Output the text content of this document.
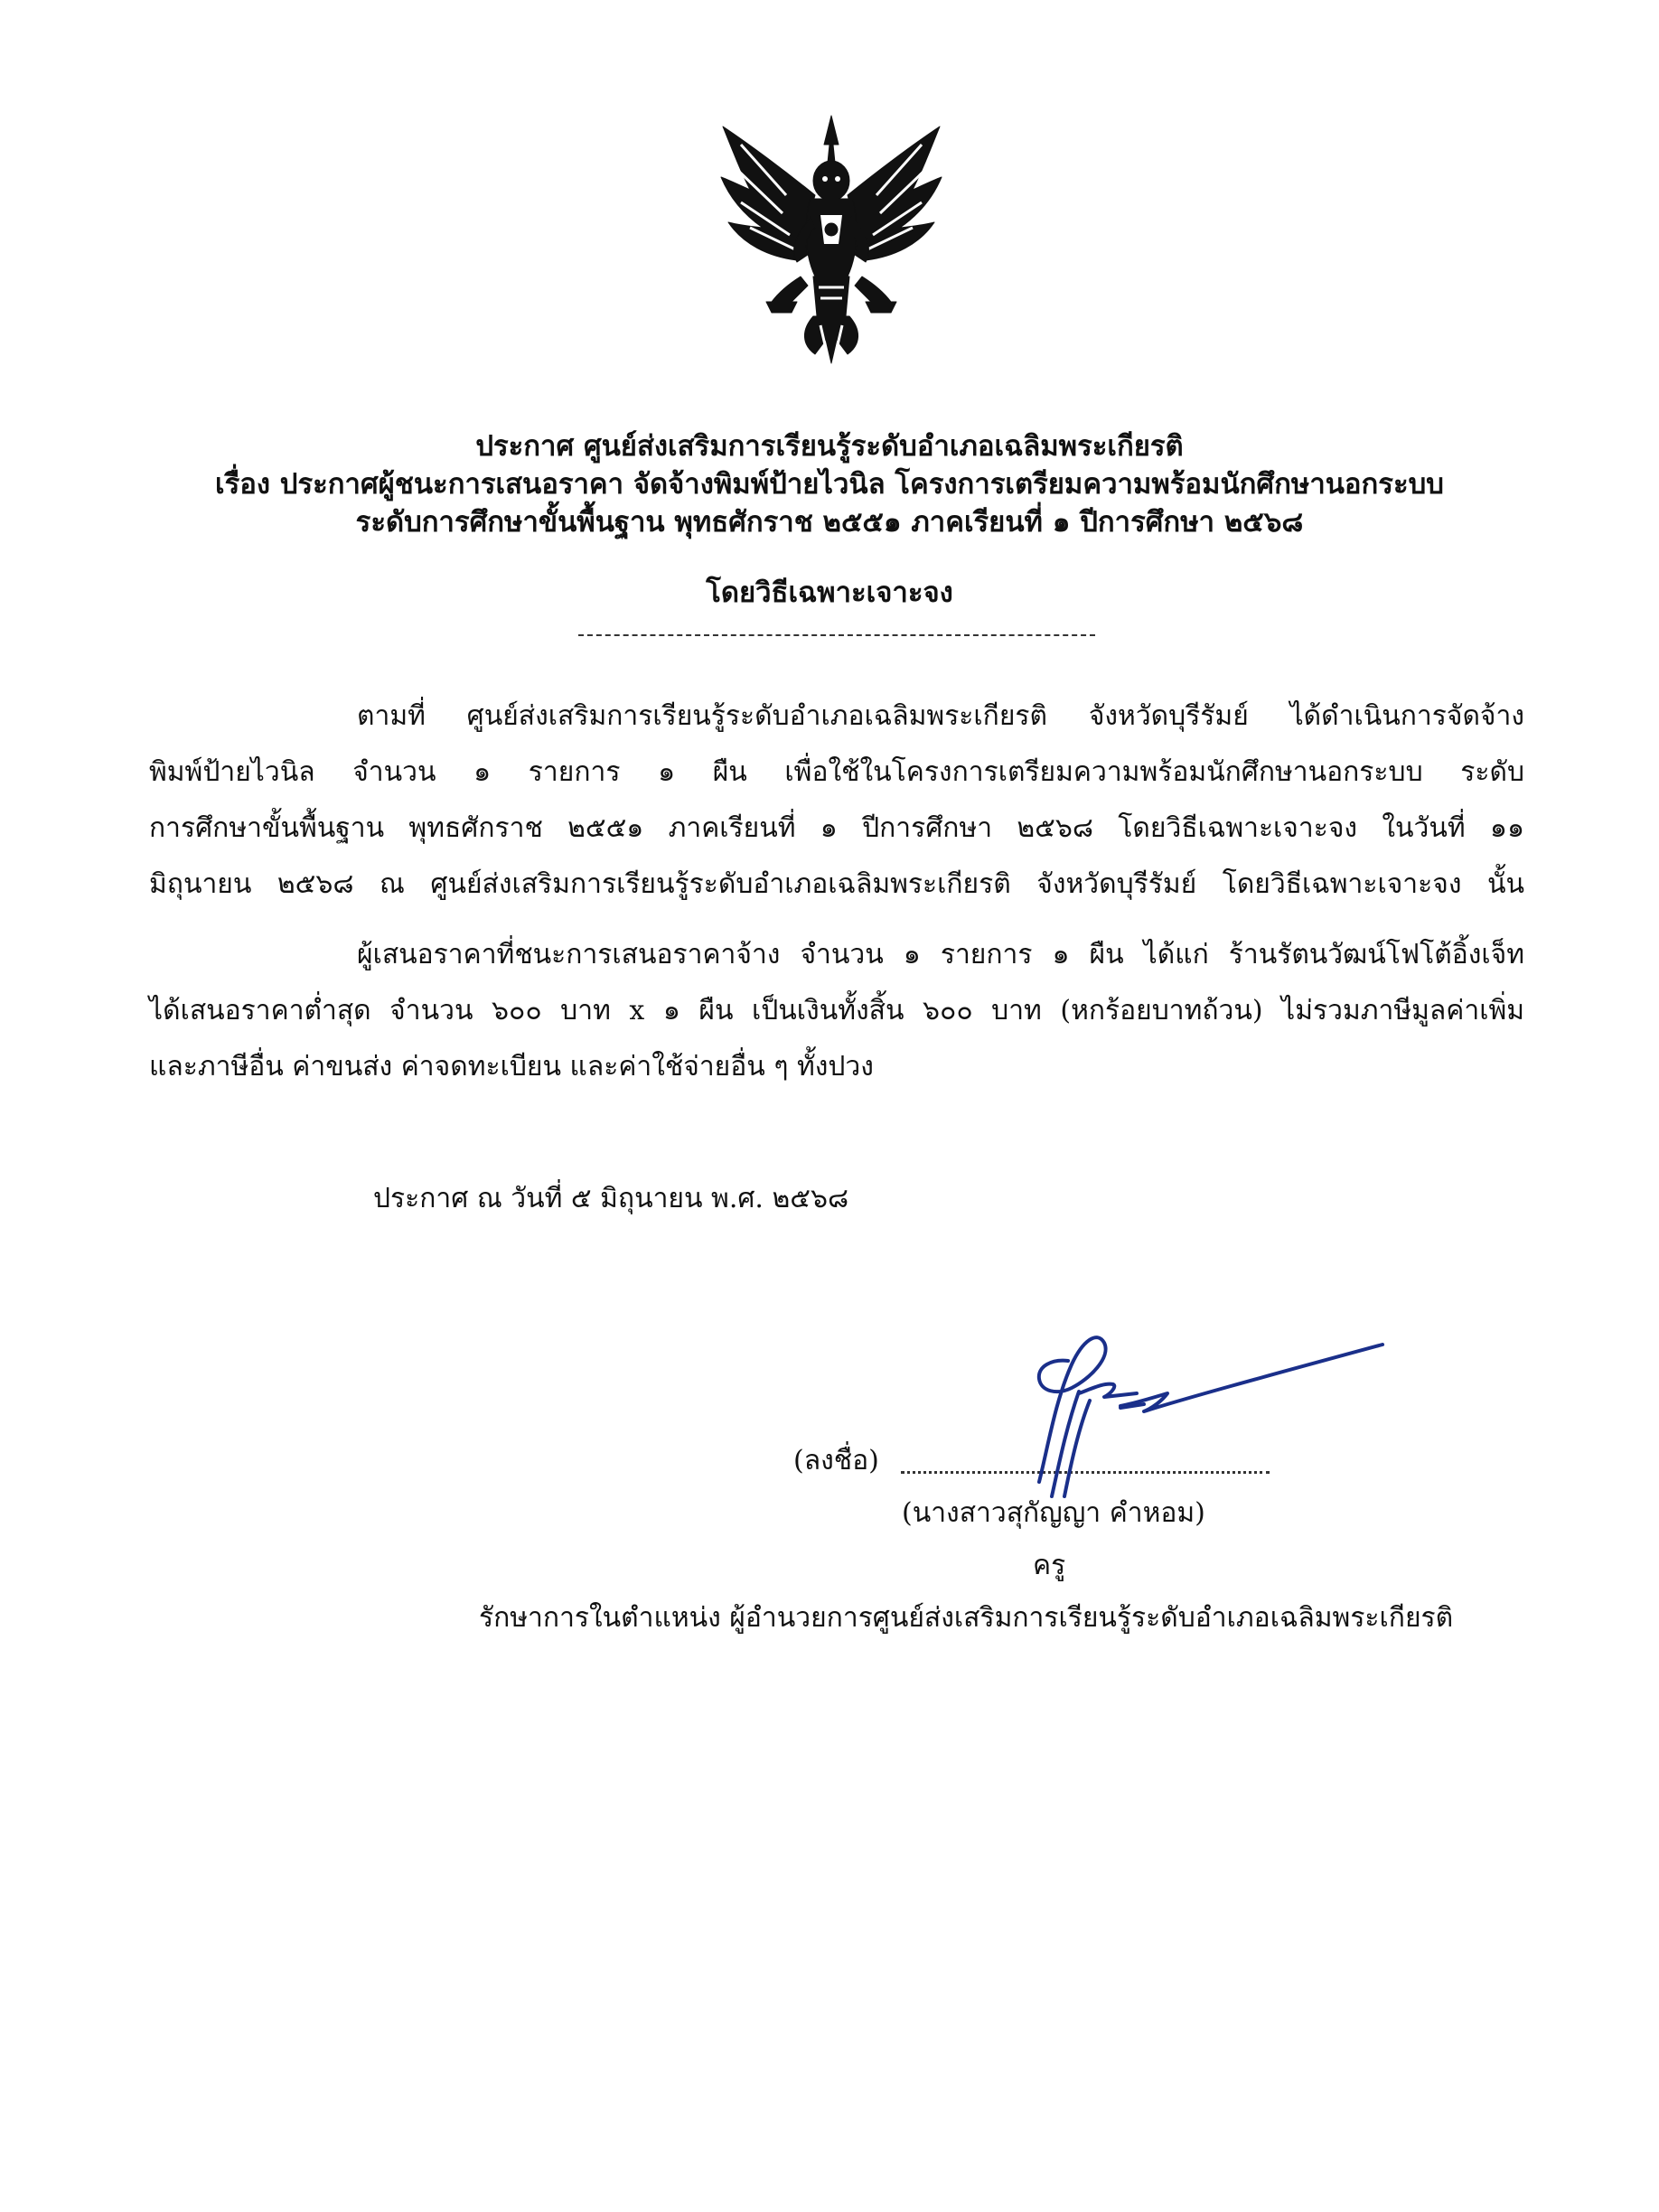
ประกาศ ศูนย์ส่งเสริมการเรียนรู้ระดับอำเภอเฉลิมพระเกียรติ
เรื่อง ประกาศผู้ชนะการเสนอราคา จัดจ้างพิมพ์ป้ายไวนิล โครงการเตรียมความพร้อมนักศึกษานอกระบบ
ระดับการศึกษาขั้นพื้นฐาน พุทธศักราช ๒๕๕๑ ภาคเรียนที่ ๑ ปีการศึกษา ๒๕๖๘
โดยวิธีเฉพาะเจาะจง
ตามที่ ศูนย์ส่งเสริมการเรียนรู้ระดับอำเภอเฉลิมพระเกียรติ จังหวัดบุรีรัมย์ ได้ดำเนินการจัดจ้าง
พิมพ์ป้ายไวนิล จำนวน ๑ รายการ ๑ ผืน เพื่อใช้ในโครงการเตรียมความพร้อมนักศึกษานอกระบบ ระดับ
การศึกษาขั้นพื้นฐาน พุทธศักราช ๒๕๕๑ ภาคเรียนที่ ๑ ปีการศึกษา ๒๕๖๘ โดยวิธีเฉพาะเจาะจง ในวันที่ ๑๑
มิถุนายน ๒๕๖๘ ณ ศูนย์ส่งเสริมการเรียนรู้ระดับอำเภอเฉลิมพระเกียรติ จังหวัดบุรีรัมย์ โดยวิธีเฉพาะเจาะจง นั้น
ผู้เสนอราคาที่ชนะการเสนอราคาจ้าง จำนวน ๑ รายการ ๑ ผืน ได้แก่ ร้านรัตนวัฒน์โฟโต้อิ้งเจ็ท
ได้เสนอราคาต่ำสุด จำนวน ๖๐๐ บาท x ๑ ผืน เป็นเงินทั้งสิ้น ๖๐๐ บาท (หกร้อยบาทถ้วน) ไม่รวมภาษีมูลค่าเพิ่ม
และภาษีอื่น ค่าขนส่ง ค่าจดทะเบียน และค่าใช้จ่ายอื่น ๆ ทั้งปวง
ประกาศ ณ วันที่ ๕ มิถุนายน พ.ศ. ๒๕๖๘
(ลงชื่อ)
(นางสาวสุกัญญา คำหอม)
ครู
รักษาการในตำแหน่ง ผู้อำนวยการศูนย์ส่งเสริมการเรียนรู้ระดับอำเภอเฉลิมพระเกียรติ
